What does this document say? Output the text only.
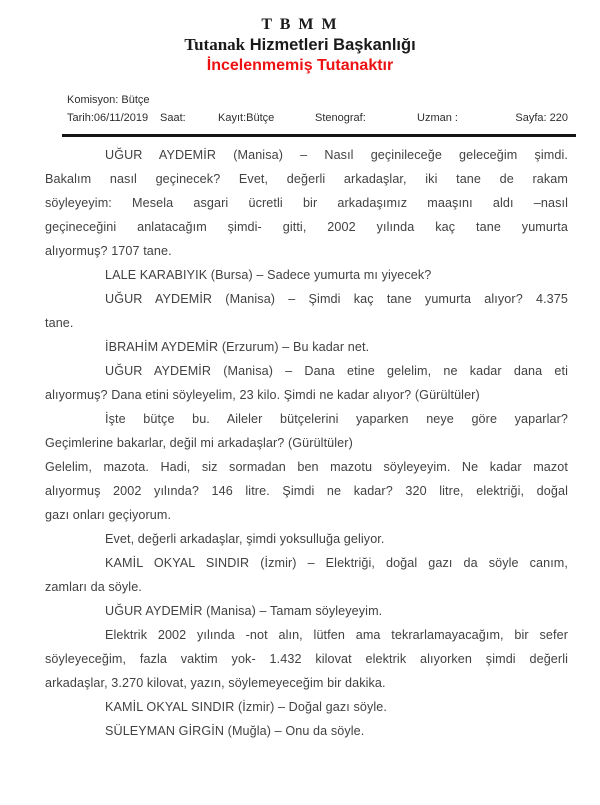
T B M M
Tutanak Hizmetleri Başkanlığı
İncelenmemiş Tutanaktır
Komisyon: Bütçe
Tarih:06/11/2019 Saat:	Kayıt:Bütçe	Stenograf:	Uzman :	Sayfa: 220
UĞUR AYDEMİR (Manisa) – Nasıl geçinileceğe geleceğim şimdi.
Bakalım nasıl geçinecek? Evet, değerli arkadaşlar, iki tane de rakam
söyleyeyim: Mesela asgari ücretli bir arkadaşımız maaşını aldı –nasıl
geçineceğini anlatacağım şimdi- gitti, 2002 yılında kaç tane yumurta
alıyormuş? 1707 tane.
LALE KARABIYIK (Bursa) – Sadece yumurta mı yiyecek?
UĞUR AYDEMİR (Manisa) – Şimdi kaç tane yumurta alıyor? 4.375
tane.
İBRAHİM AYDEMİR (Erzurum) – Bu kadar net.
UĞUR AYDEMİR (Manisa) – Dana etine gelelim, ne kadar dana eti
alıyormuş? Dana etini söyleyelim, 23 kilo. Şimdi ne kadar alıyor? (Gürültüler)
İşte bütçe bu. Aileler bütçelerini yaparken neye göre yaparlar?
Geçimlerine bakarlar, değil mi arkadaşlar? (Gürültüler)
Gelelim, mazota. Hadi, siz sormadan ben mazotu söyleyeyim. Ne kadar mazot
alıyormuş 2002 yılında? 146 litre. Şimdi ne kadar? 320 litre, elektriği, doğal
gazı onları geçiyorum.
Evet, değerli arkadaşlar, şimdi yoksulluğa geliyor.
KAMİL OKYAL SINDIR (İzmir) – Elektriği, doğal gazı da söyle canım,
zamları da söyle.
UĞUR AYDEMİR (Manisa) – Tamam söyleyeyim.
Elektrik 2002 yılında -not alın, lütfen ama tekrarlamayacağım, bir sefer
söyleyeceğim, fazla vaktim yok- 1.432 kilovat elektrik alıyorken şimdi değerli
arkadaşlar, 3.270 kilovat, yazın, söylemeyeceğim bir dakika.
KAMİL OKYAL SINDIR (İzmir) – Doğal gazı söyle.
SÜLEYMAN GİRGİN (Muğla) – Onu da söyle.
